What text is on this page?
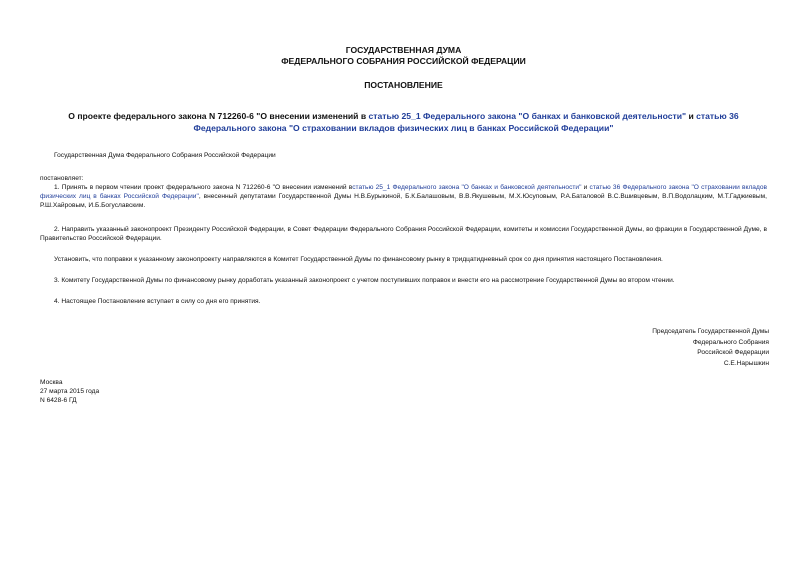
ГОСУДАРСТВЕННАЯ ДУМА
ФЕДЕРАЛЬНОГО СОБРАНИЯ РОССИЙСКОЙ ФЕДЕРАЦИИ
ПОСТАНОВЛЕНИЕ
О проекте федерального закона N 712260-6 "О внесении изменений в статью 25_1 Федерального закона "О банках и банковской деятельности" и статью 36 Федерального закона "О страховании вкладов физических лиц в банках Российской Федерации"
Государственная Дума Федерального Собрания Российской Федерации
постановляет:
1. Принять в первом чтении проект федерального закона N 712260-6 "О внесении изменений встатью 25_1 Федерального закона "О банках и банковской деятельности" и статью 36 Федерального закона "О страховании вкладов физических лиц в банках Российской Федерации", внесенный депутатами Государственной Думы Н.В.Бурыкиной, Б.К.Балашовым, В.В.Якушевым, М.Х.Юсуповым, Р.А.Баталовой В.С.Вшивцевым, В.П.Водолацким, М.Т.Гаджиевым, Р.Ш.Хайровым, И.Б.Богуславским.
2. Направить указанный законопроект Президенту Российской Федерации, в Совет Федерации Федерального Собрания Российской Федерации, комитеты и комиссии Государственной Думы, во фракции в Государственной Думе, в Правительство Российской Федерации.
Установить, что поправки к указанному законопроекту направляются в Комитет Государственной Думы по финансовому рынку в тридцатидневный срок со дня принятия настоящего Постановления.
3. Комитету Государственной Думы по финансовому рынку доработать указанный законопроект с учетом поступивших поправок и внести его на рассмотрение Государственной Думы во втором чтении.
4. Настоящее Постановление вступает в силу со дня его принятия.
Председатель Государственной Думы
Федерального Собрания
Российской Федерации
С.Е.Нарышкин
Москва
27 марта 2015 года
N 6428-6 ГД
